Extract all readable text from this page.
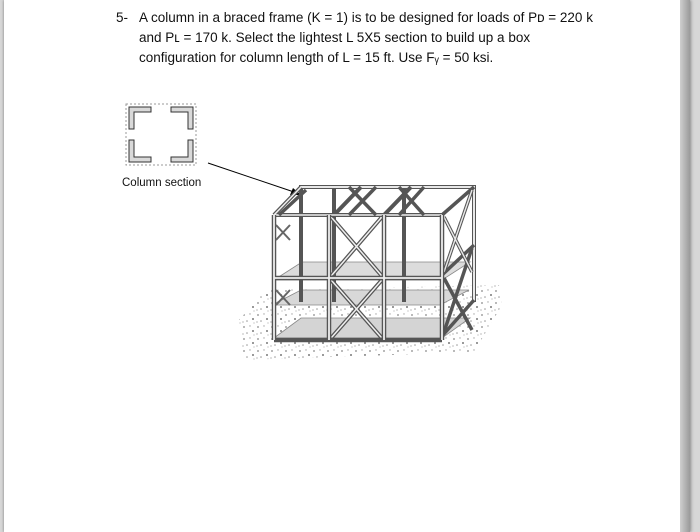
5- A column in a braced frame (K = 1) is to be designed for loads of Pᴅ = 220 k
and Pʟ = 170 k. Select the lightest L 5X5 section to build up a box
configuration for column length of L = 15 ft. Use Fᵧ = 50 ksi.
Column section
